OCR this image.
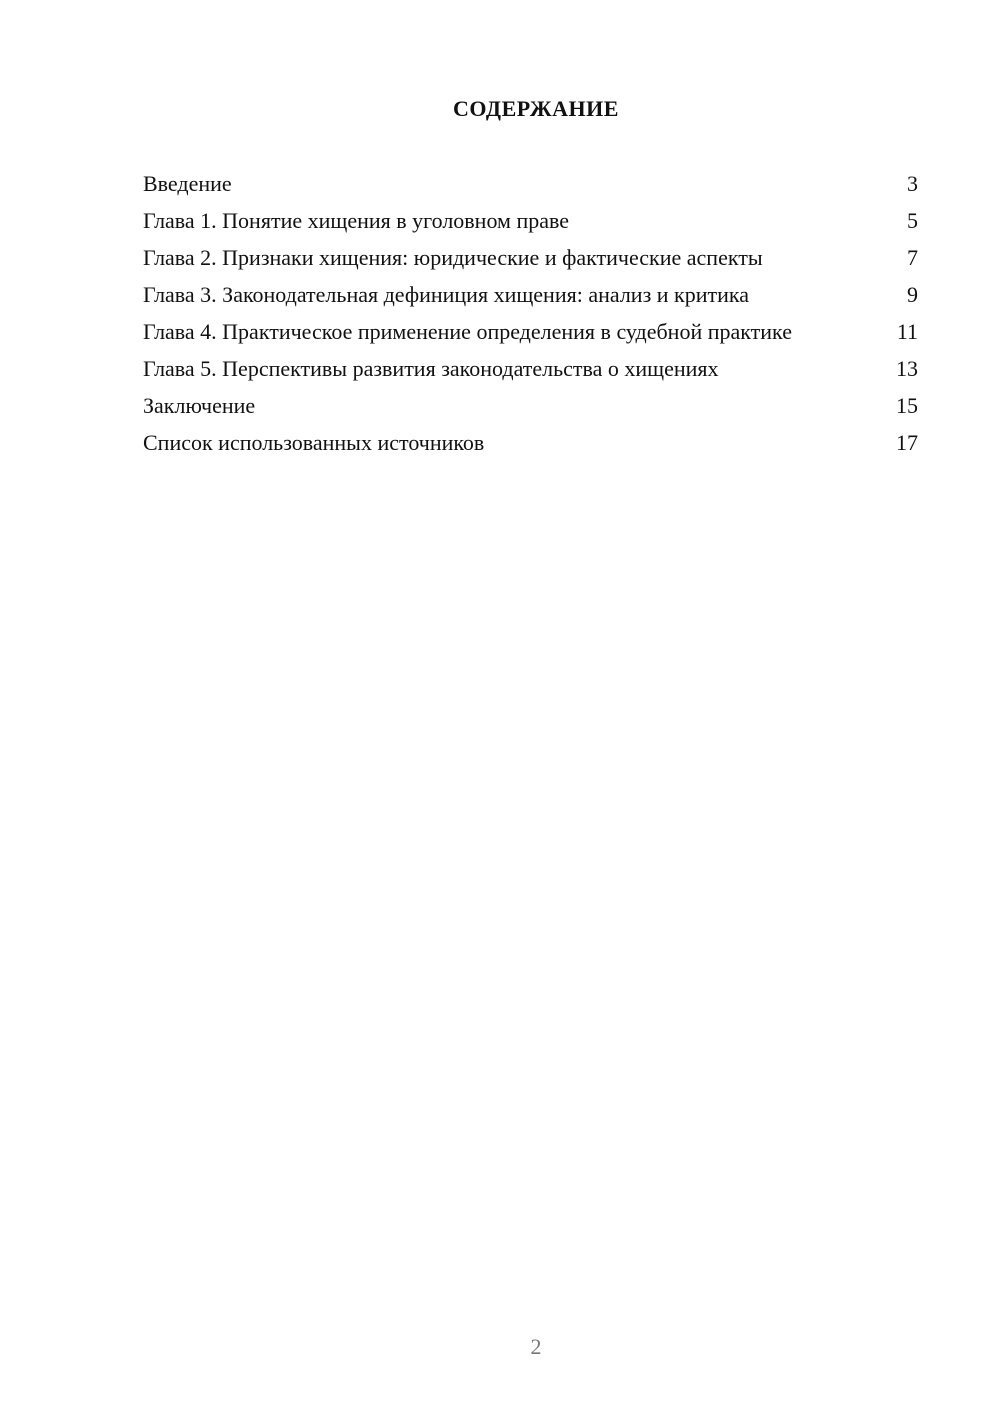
СОДЕРЖАНИЕ
Введение	3
Глава 1. Понятие хищения в уголовном праве	5
Глава 2. Признаки хищения: юридические и фактические аспекты	7
Глава 3. Законодательная дефиниция хищения: анализ и критика	9
Глава 4. Практическое применение определения в судебной практике	11
Глава 5. Перспективы развития законодательства о хищениях	13
Заключение	15
Список использованных источников	17
2
